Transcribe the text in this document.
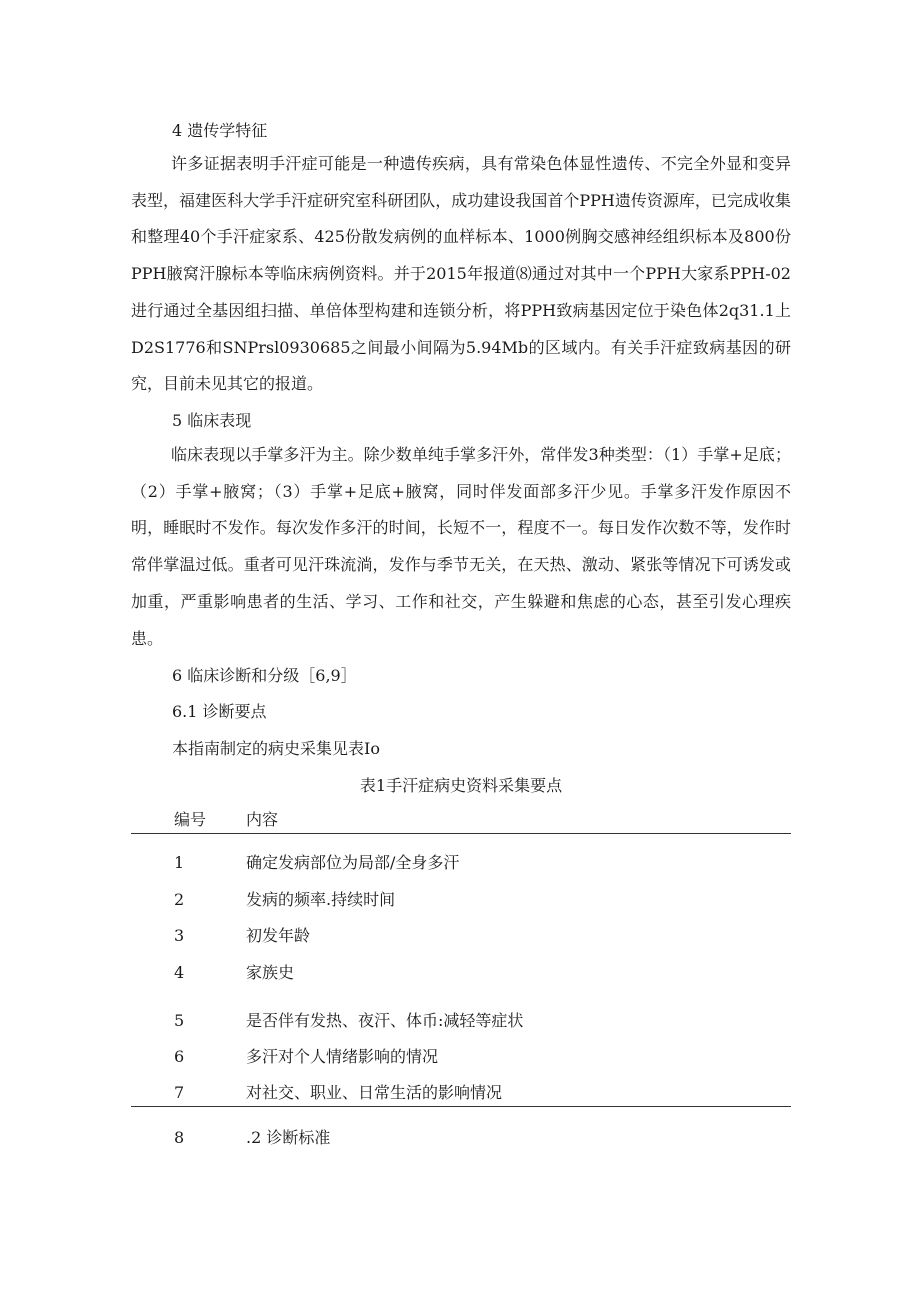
4 遗传学特征
许多证据表明手汗症可能是一种遗传疾病，具有常染色体显性遗传、不完全外显和变异表型，福建医科大学手汗症研究室科研团队，成功建设我国首个PPH遗传资源库，已完成收集和整理40个手汗症家系、425份散发病例的血样标本、1000例胸交感神经组织标本及800份PPH腋窝汗腺标本等临床病例资料。并于2015年报道⑻通过对其中一个PPH大家系PPH-02进行通过全基因组扫描、单倍体型构建和连锁分析，将PPH致病基因定位于染色体2q31.1上D2S1776和SNPrsl0930685之间最小间隔为5.94Mb的区域内。有关手汗症致病基因的研究，目前未见其它的报道。
5 临床表现
临床表现以手掌多汗为主。除少数单纯手掌多汗外，常伴发3种类型：（1）手掌+足底；（2）手掌+腋窝；（3）手掌+足底+腋窝，同时伴发面部多汗少见。手掌多汗发作原因不明，睡眠时不发作。每次发作多汗的时间，长短不一，程度不一。每日发作次数不等，发作时常伴掌温过低。重者可见汗珠流淌，发作与季节无关，在天热、激动、紧张等情况下可诱发或加重，严重影响患者的生活、学习、工作和社交，产生躲避和焦虑的心态，甚至引发心理疾患。
6 临床诊断和分级［6,9］
6.1 诊断要点
本指南制定的病史采集见表Io
表1手汗症病史资料采集要点
编号 内容
1	确定发病部位为局部/全身多汗
2	发病的频率.持续时间
3	初发年龄
4	家族史
5	是否伴有发热、夜汗、体币:减轻等症状
6	多汗对个人情绪影响的情况
7	对社交、职业、日常生活的影响情况
8	.2 诊断标准
